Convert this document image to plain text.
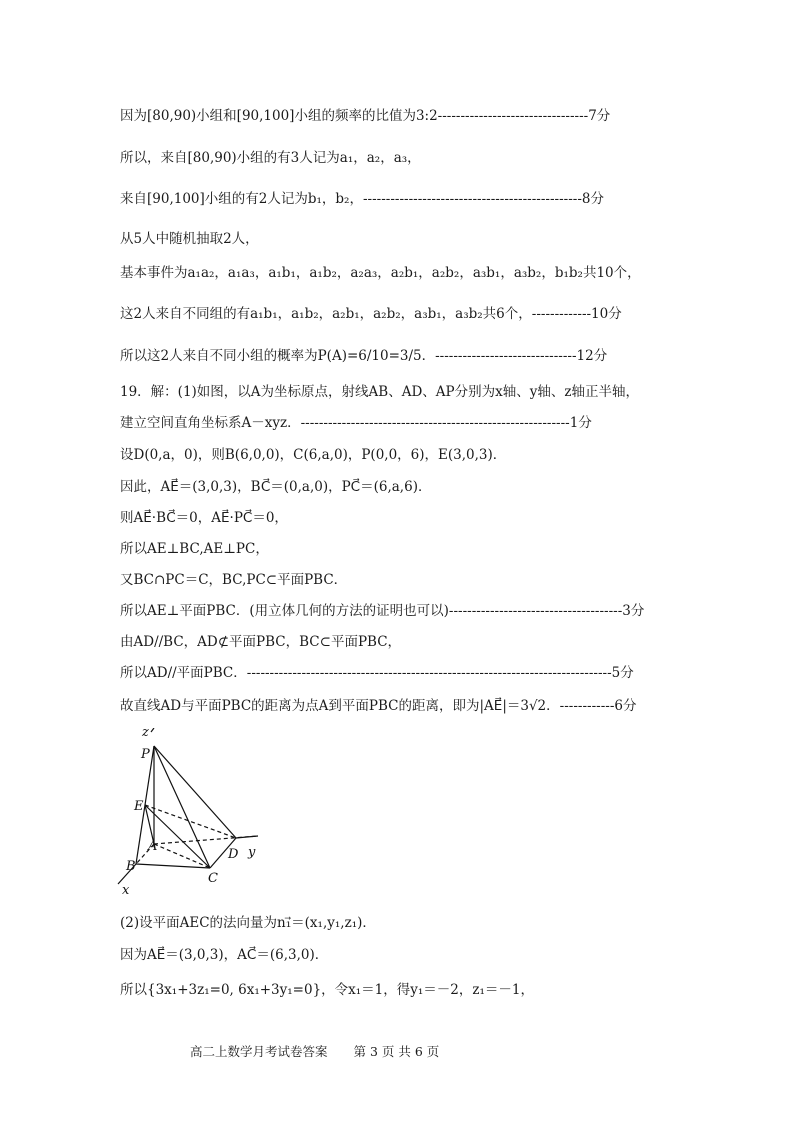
因为[80,90)小组和[90,100]小组的频率的比值为3:2---------------------------------7分
所以，来自[80,90)小组的有3人记为a₁，a₂，a₃，
来自[90,100]小组的有2人记为b₁，b₂，------------------------------------------------8分
从5人中随机抽取2人，
基本事件为a₁a₂，a₁a₃，a₁b₁，a₁b₂，a₂a₃，a₂b₁，a₂b₂，a₃b₁，a₃b₂，b₁b₂共10个，
这2人来自不同组的有a₁b₁，a₁b₂，a₂b₁，a₂b₂，a₃b₁，a₃b₂共6个，-------------10分
所以这2人来自不同小组的概率为P(A)=6/10=3/5．-------------------------------12分
19．解：(1)如图，以A为坐标原点，射线AB、AD、AP分别为x轴、y轴、z轴正半轴，
建立空间直角坐标系A－xyz．-----------------------------------------------------------1分
设D(0,a，0)，则B(6,0,0)，C(6,a,0)，P(0,0，6)，E(3,0,3)．
因此，AE⃗＝(3,0,3)，BC⃗＝(0,a,0)，PC⃗＝(6,a,6)．
则AE⃗·BC⃗＝0，AE⃗·PC⃗＝0，
所以AE⊥BC,AE⊥PC，
又BC∩PC＝C，BC,PC⊂平面PBC．
所以AE⊥平面PBC．(用立体几何的方法的证明也可以)--------------------------------------3分
由AD//BC，AD⊄平面PBC，BC⊂平面PBC，
所以AD//平面PBC．--------------------------------------------------------------------------------5分
故直线AD与平面PBC的距离为点A到平面PBC的距离，即为|AE⃗|＝3√2．------------6分
z
P
E
A
B
C
D y
x
(2)设平面AEC的法向量为n₁⃗＝(x₁,y₁,z₁)．
因为AE⃗＝(3,0,3)，AC⃗＝(6,3,0)．
所以{3x₁+3z₁=0, 6x₁+3y₁=0}，令x₁＝1，得y₁＝－2，z₁＝－1，
高二上数学月考试卷答案 第 3 页 共 6 页
